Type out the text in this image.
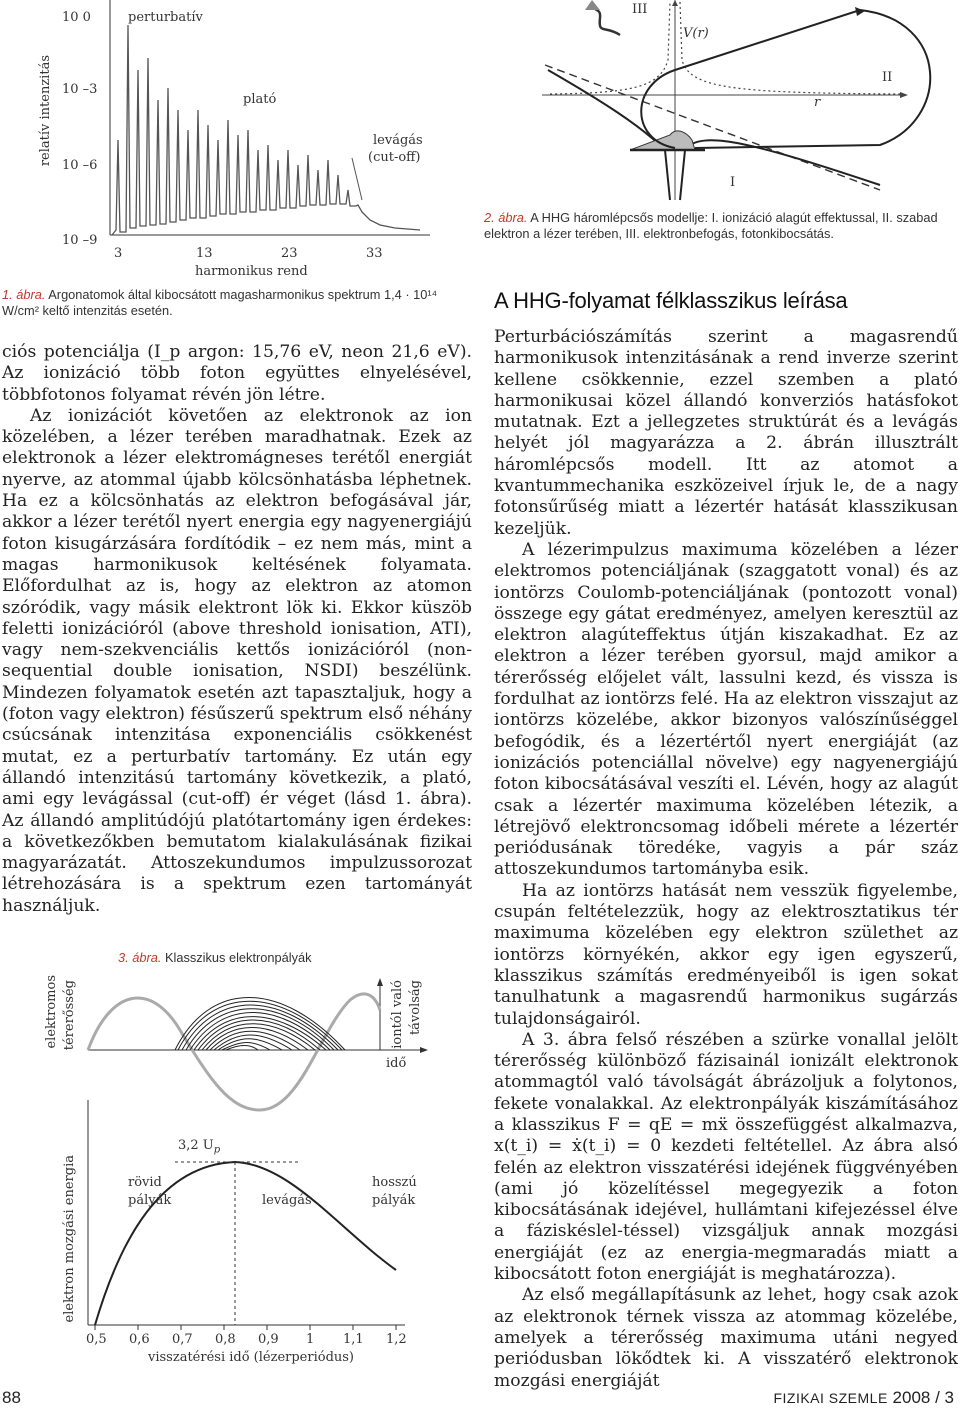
relatív intenzitás
10 0
10 –3
10 –6
10 –9
perturbatív
plató
levágás
(cut-off)
3	13	23	33
harmonikus rend
1. ábra. Argonatomok által kibocsátott magasharmonikus spektrum 1,4 · 10¹⁴ W/cm² keltő intenzitás esetén.
III
V(r)
r
II
I
2. ábra. A HHG háromlépcsős modellje: I. ionizáció alagút effektussal, II. szabad elektron a lézer terében, III. elektronbefogás, fotonkibocsátás.

ciós potenciálja (I_p argon: 15,76 eV, neon 21,6 eV). Az ionizáció több foton együttes elnyelésével, többfotonos folyamat révén jön létre.

Az ionizációt követően az elektronok az ion közelében, a lézer terében maradhatnak. Ezek az elektronok a lézer elektromágneses terétől energiát nyerve, az atommal újabb kölcsönhatásba léphetnek. Ha ez a kölcsönhatás az elektron befogásával jár, akkor a lézer terétől nyert energia egy nagyenergiájú foton kisugárzására fordítódik – ez nem más, mint a magas harmonikusok keltésének folyamata. Előfordulhat az is, hogy az elektron az atomon szóródik, vagy másik elektront lök ki. Ekkor küszöb feletti ionizációról (above threshold ionisation, ATI), vagy nem-szekvenciális kettős ionizációról (non-sequential double ionisation, NSDI) beszélünk. Mindezen folyamatok esetén azt tapasztaljuk, hogy a (foton vagy elektron) fésűszerű spektrum első néhány csúcsának intenzitása exponenciális csökkenést mutat, ez a perturbatív tartomány. Ez után egy állandó intenzitású tartomány következik, a plató, ami egy levágással (cut-off) ér véget (lásd 1. ábra). Az állandó amplitúdójú platótartomány igen érdekes: a következőkben bemutatom kialakulásának fizikai magyarázatát. Attoszekundumos impulzussorozat létrehozására is a spektrum ezen tartományát használjuk.

3. ábra. Klasszikus elektronpályák
elektromos térerősség	iontól való távolság
idő
elektron mozgási energia
3,2 $U_p$
rövid
pályák	levágás
hosszú
pályák
0,5 0,6 0,7 0,8 0,9 1 1,1 1,2
visszatérési idő (lézerperiódus)
A HHG-folyamat félklasszikus leírása

Perturbációszámítás szerint a magasrendű harmonikusok intenzitásának a rend inverze szerint kellene csökkennie, ezzel szemben a plató harmonikusai közel állandó konverziós hatásfokot mutatnak. Ezt a jellegzetes struktúrát és a levágás helyét jól magyarázza a 2. ábrán illusztrált háromlépcsős modell. Itt az atomot a kvantummechanika eszközeivel írjuk le, de a nagy fotonsűrűség miatt a lézertér hatását klasszikusan kezeljük.

A lézerimpulzus maximuma közelében a lézer elektromos potenciáljának (szaggatott vonal) és az iontörzs Coulomb-potenciáljának (pontozott vonal) összege egy gátat eredményez, amelyen keresztül az elektron alagúteffektus útján kiszakadhat. Ez az elektron a lézer terében gyorsul, majd amikor a térerősség előjelet vált, lassulni kezd, és vissza is fordulhat az iontörzs felé. Ha az elektron visszajut az iontörzs közelébe, akkor bizonyos valószínűséggel befogódik, és a lézertértől nyert energiáját (az ionizációs potenciállal növelve) egy nagyenergiájú foton kibocsátásával veszíti el. Lévén, hogy az alagút csak a lézertér maximuma közelében létezik, a létrejövő elektroncsomag időbeli mérete a lézertér periódusának töredéke, vagyis a pár száz attoszekundumos tartományba esik.

Ha az iontörzs hatását nem vesszük figyelembe, csupán feltételezzük, hogy az elektrosztatikus tér maximuma közelében egy elektron születhet az iontörzs környékén, akkor egy igen egyszerű, klasszikus számítás eredményeiből is igen sokat tanulhatunk a magasrendű harmonikus sugárzás tulajdonságairól.

A 3. ábra felső részében a szürke vonallal jelölt térerősség különböző fázisainál ionizált elektronok atommagtól való távolságát ábrázoljuk a folytonos, fekete vonalakkal. Az elektronpályák kiszámításához a klasszikus F = qE = mẍ összefüggést alkalmazva, x(t_i) = ẋ(t_i) = 0 kezdeti feltétellel. Az ábra alsó felén az elektron visszatérési idejének függvényében (ami jó közelítéssel megegyezik a foton kibocsátásának idejével, hullámtani kifejezéssel élve a fáziskéslel-téssel) vizsgáljuk annak mozgási energiáját (ez az energia-megmaradás miatt a kibocsátott foton energiáját is meghatározza).

Az első megállapításunk az lehet, hogy csak azok az elektronok térnek vissza az atommag közelébe, amelyek a térerősség maximuma utáni negyed periódusban lökődtek ki. A visszatérő elektronok mozgási energiáját

88	FIZIKAI SZEMLE 2008 / 3
